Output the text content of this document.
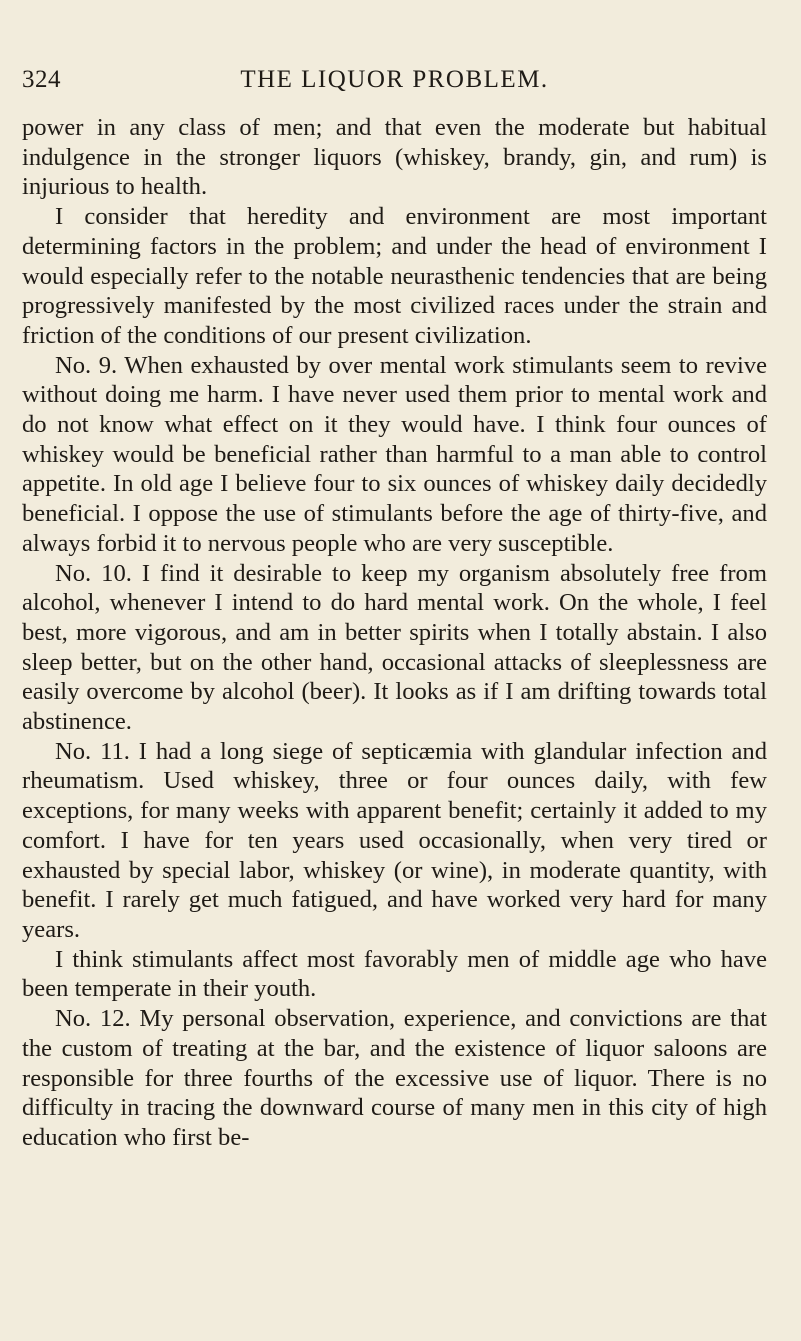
324	THE LIQUOR PROBLEM.

power in any class of men; and that even the moderate but habitual indulgence in the stronger liquors (whiskey, brandy, gin, and rum) is injurious to health.

I consider that heredity and environment are most important determining factors in the problem; and under the head of environment I would especially refer to the notable neurasthenic tendencies that are being progressively manifested by the most civilized races under the strain and friction of the conditions of our present civilization.

No. 9. When exhausted by over mental work stimulants seem to revive without doing me harm. I have never used them prior to mental work and do not know what effect on it they would have. I think four ounces of whiskey would be beneficial rather than harmful to a man able to control appetite. In old age I believe four to six ounces of whiskey daily decidedly beneficial. I oppose the use of stimulants before the age of thirty-five, and always forbid it to nervous people who are very susceptible.

No. 10. I find it desirable to keep my organism absolutely free from alcohol, whenever I intend to do hard mental work. On the whole, I feel best, more vigorous, and am in better spirits when I totally abstain. I also sleep better, but on the other hand, occasional attacks of sleeplessness are easily overcome by alcohol (beer). It looks as if I am drifting towards total abstinence.

No. 11. I had a long siege of septicæmia with glandular infection and rheumatism. Used whiskey, three or four ounces daily, with few exceptions, for many weeks with apparent benefit; certainly it added to my comfort. I have for ten years used occasionally, when very tired or exhausted by special labor, whiskey (or wine), in moderate quantity, with benefit. I rarely get much fatigued, and have worked very hard for many years.

I think stimulants affect most favorably men of middle age who have been temperate in their youth.

No. 12. My personal observation, experience, and convictions are that the custom of treating at the bar, and the existence of liquor saloons are responsible for three fourths of the excessive use of liquor. There is no difficulty in tracing the downward course of many men in this city of high education who first be-
